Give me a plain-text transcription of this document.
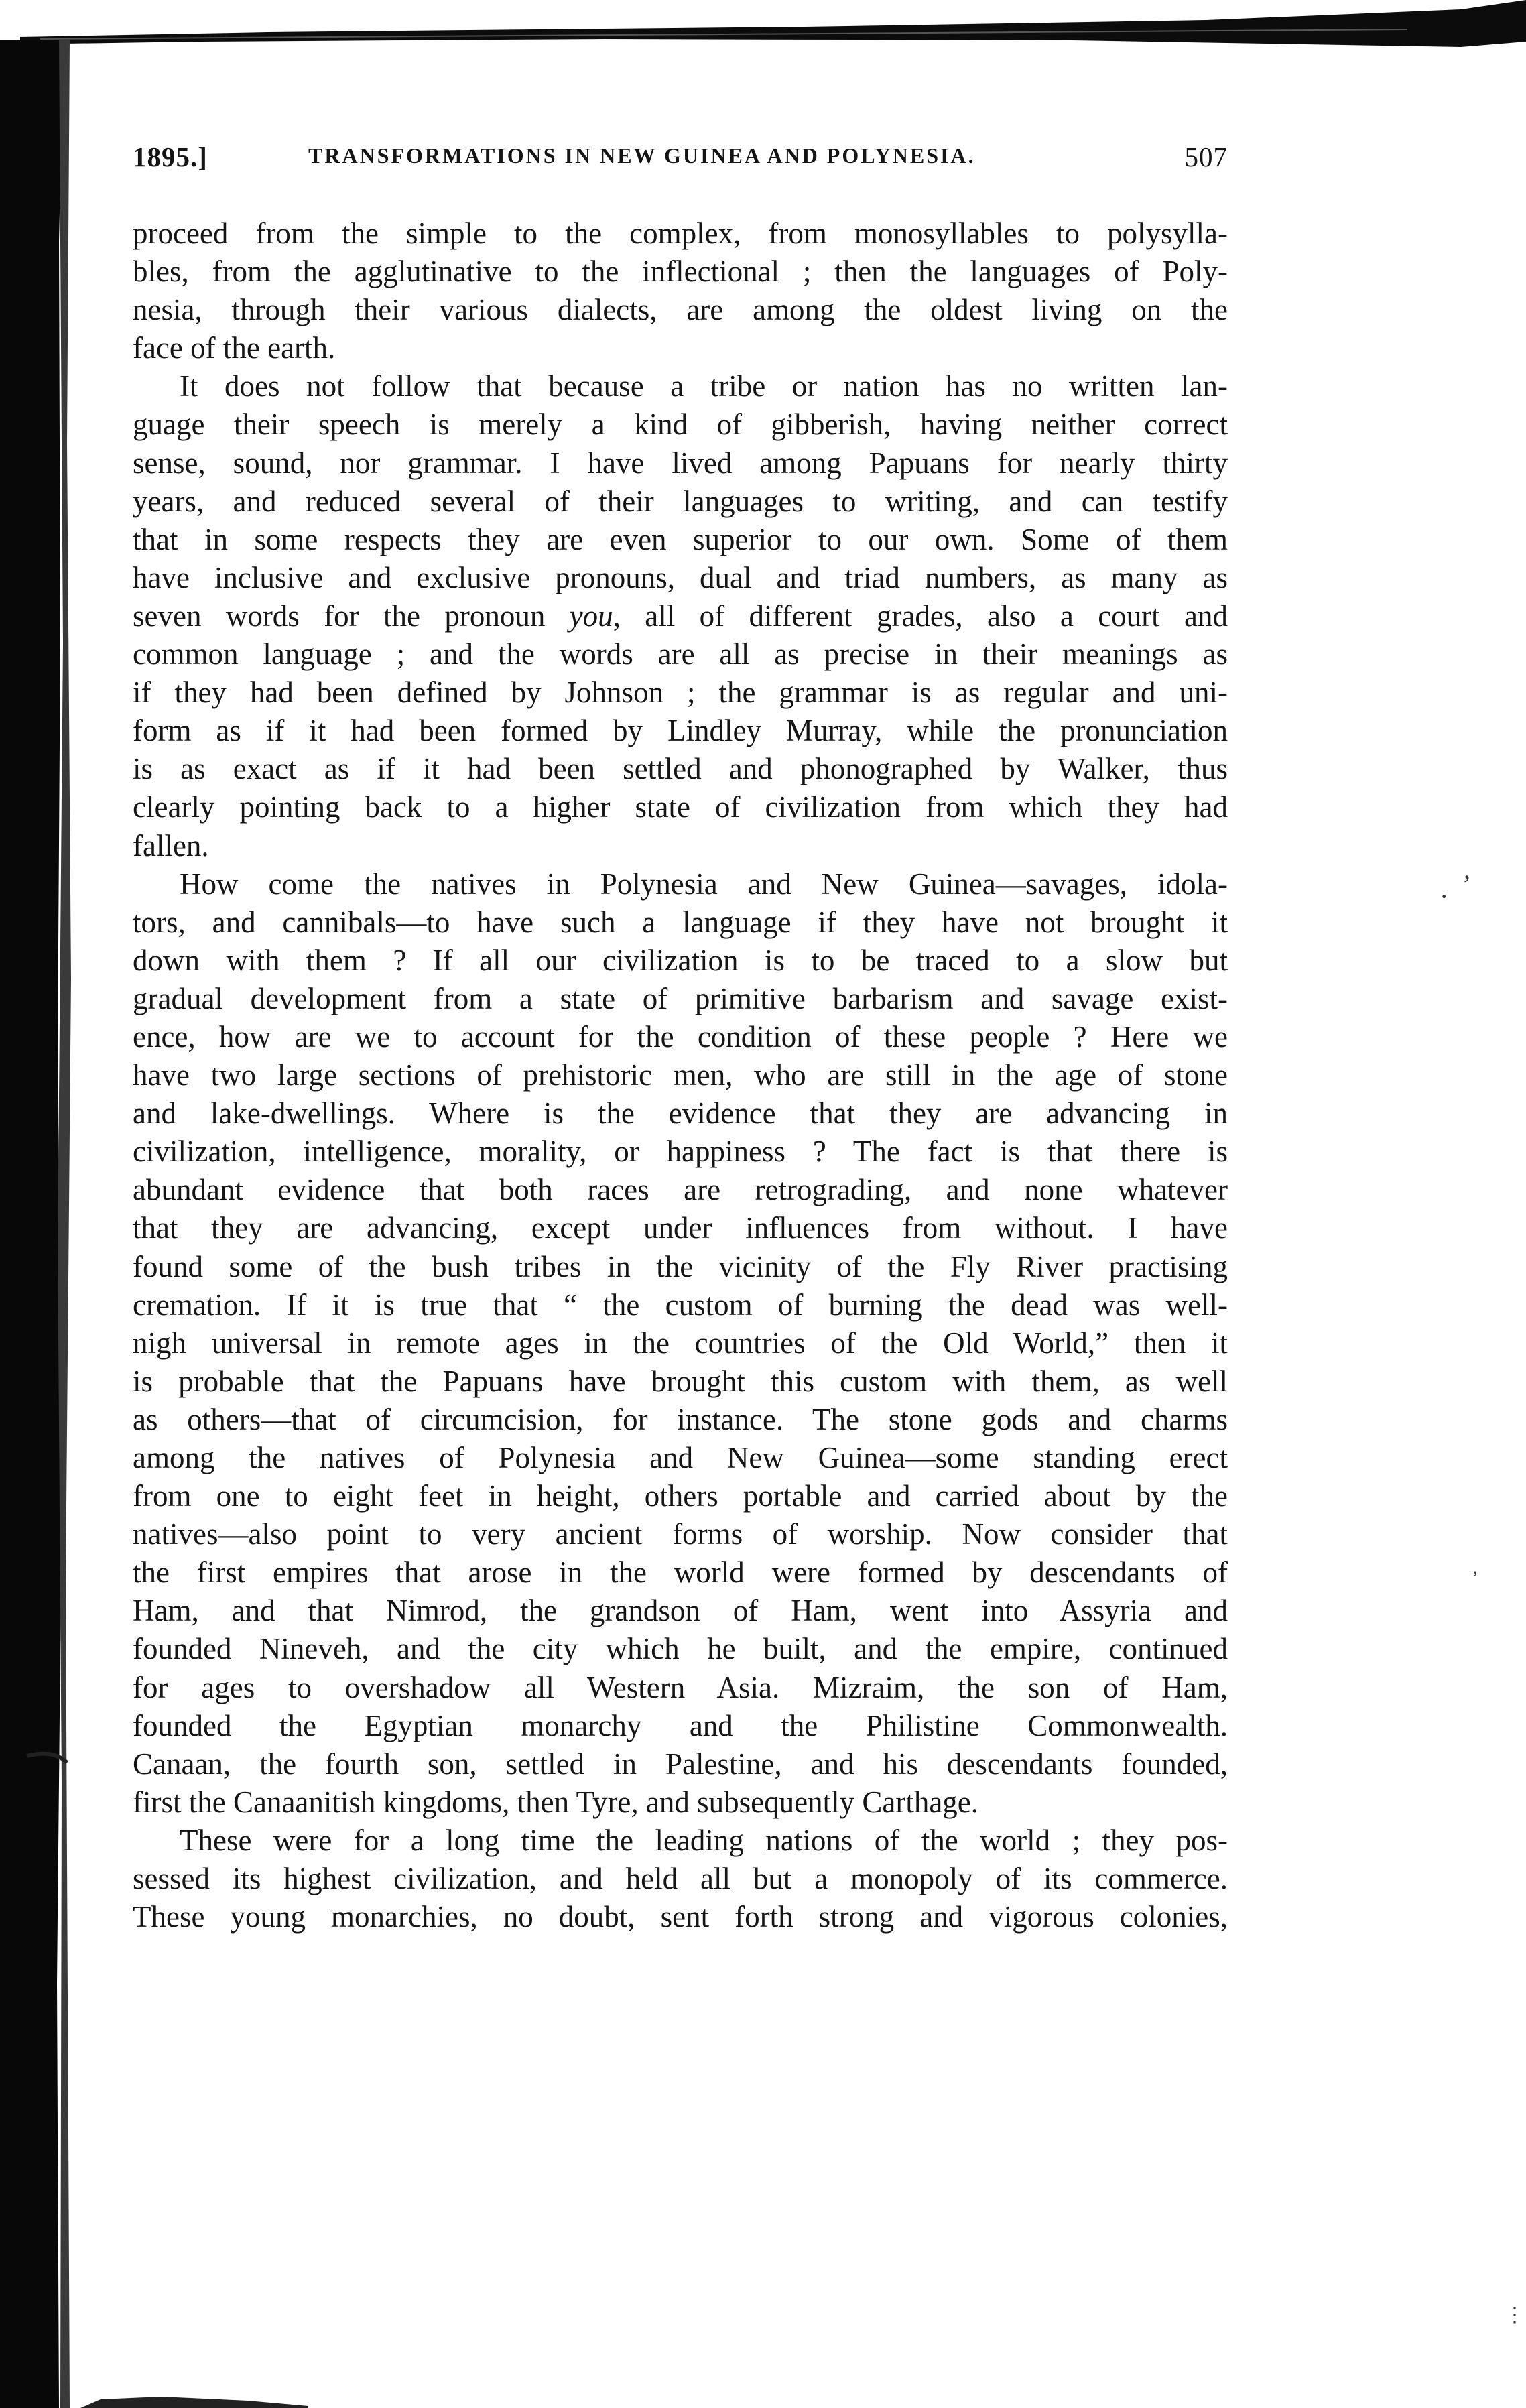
’
·
’
⋮
1895.]	TRANSFORMATIONS IN NEW GUINEA AND POLYNESIA.	507
proceed from the simple to the complex, from monosyllables to polysylla-
bles, from the agglutinative to the inflectional ; then the languages of Poly-
nesia, through their various dialects, are among the oldest living on the
face of the earth.
It does not follow that because a tribe or nation has no written lan-
guage their speech is merely a kind of gibberish, having neither correct
sense, sound, nor grammar. I have lived among Papuans for nearly thirty
years, and reduced several of their languages to writing, and can testify
that in some respects they are even superior to our own. Some of them
have inclusive and exclusive pronouns, dual and triad numbers, as many as
seven words for the pronoun you, all of different grades, also a court and
common language ; and the words are all as precise in their meanings as
if they had been defined by Johnson ; the grammar is as regular and uni-
form as if it had been formed by Lindley Murray, while the pronunciation
is as exact as if it had been settled and phonographed by Walker, thus
clearly pointing back to a higher state of civilization from which they had
fallen.
How come the natives in Polynesia and New Guinea—savages, idola-
tors, and cannibals—to have such a language if they have not brought it
down with them ? If all our civilization is to be traced to a slow but
gradual development from a state of primitive barbarism and savage exist-
ence, how are we to account for the condition of these people ? Here we
have two large sections of prehistoric men, who are still in the age of stone
and lake-dwellings. Where is the evidence that they are advancing in
civilization, intelligence, morality, or happiness ? The fact is that there is
abundant evidence that both races are retrograding, and none whatever
that they are advancing, except under influences from without. I have
found some of the bush tribes in the vicinity of the Fly River practising
cremation. If it is true that “ the custom of burning the dead was well-
nigh universal in remote ages in the countries of the Old World,” then it
is probable that the Papuans have brought this custom with them, as well
as others—that of circumcision, for instance. The stone gods and charms
among the natives of Polynesia and New Guinea—some standing erect
from one to eight feet in height, others portable and carried about by the
natives—also point to very ancient forms of worship. Now consider that
the first empires that arose in the world were formed by descendants of
Ham, and that Nimrod, the grandson of Ham, went into Assyria and
founded Nineveh, and the city which he built, and the empire, continued
for ages to overshadow all Western Asia. Mizraim, the son of Ham,
founded the Egyptian monarchy and the Philistine Commonwealth.
Canaan, the fourth son, settled in Palestine, and his descendants founded,
first the Canaanitish kingdoms, then Tyre, and subsequently Carthage.
These were for a long time the leading nations of the world ; they pos-
sessed its highest civilization, and held all but a monopoly of its commerce.
These young monarchies, no doubt, sent forth strong and vigorous colonies,
